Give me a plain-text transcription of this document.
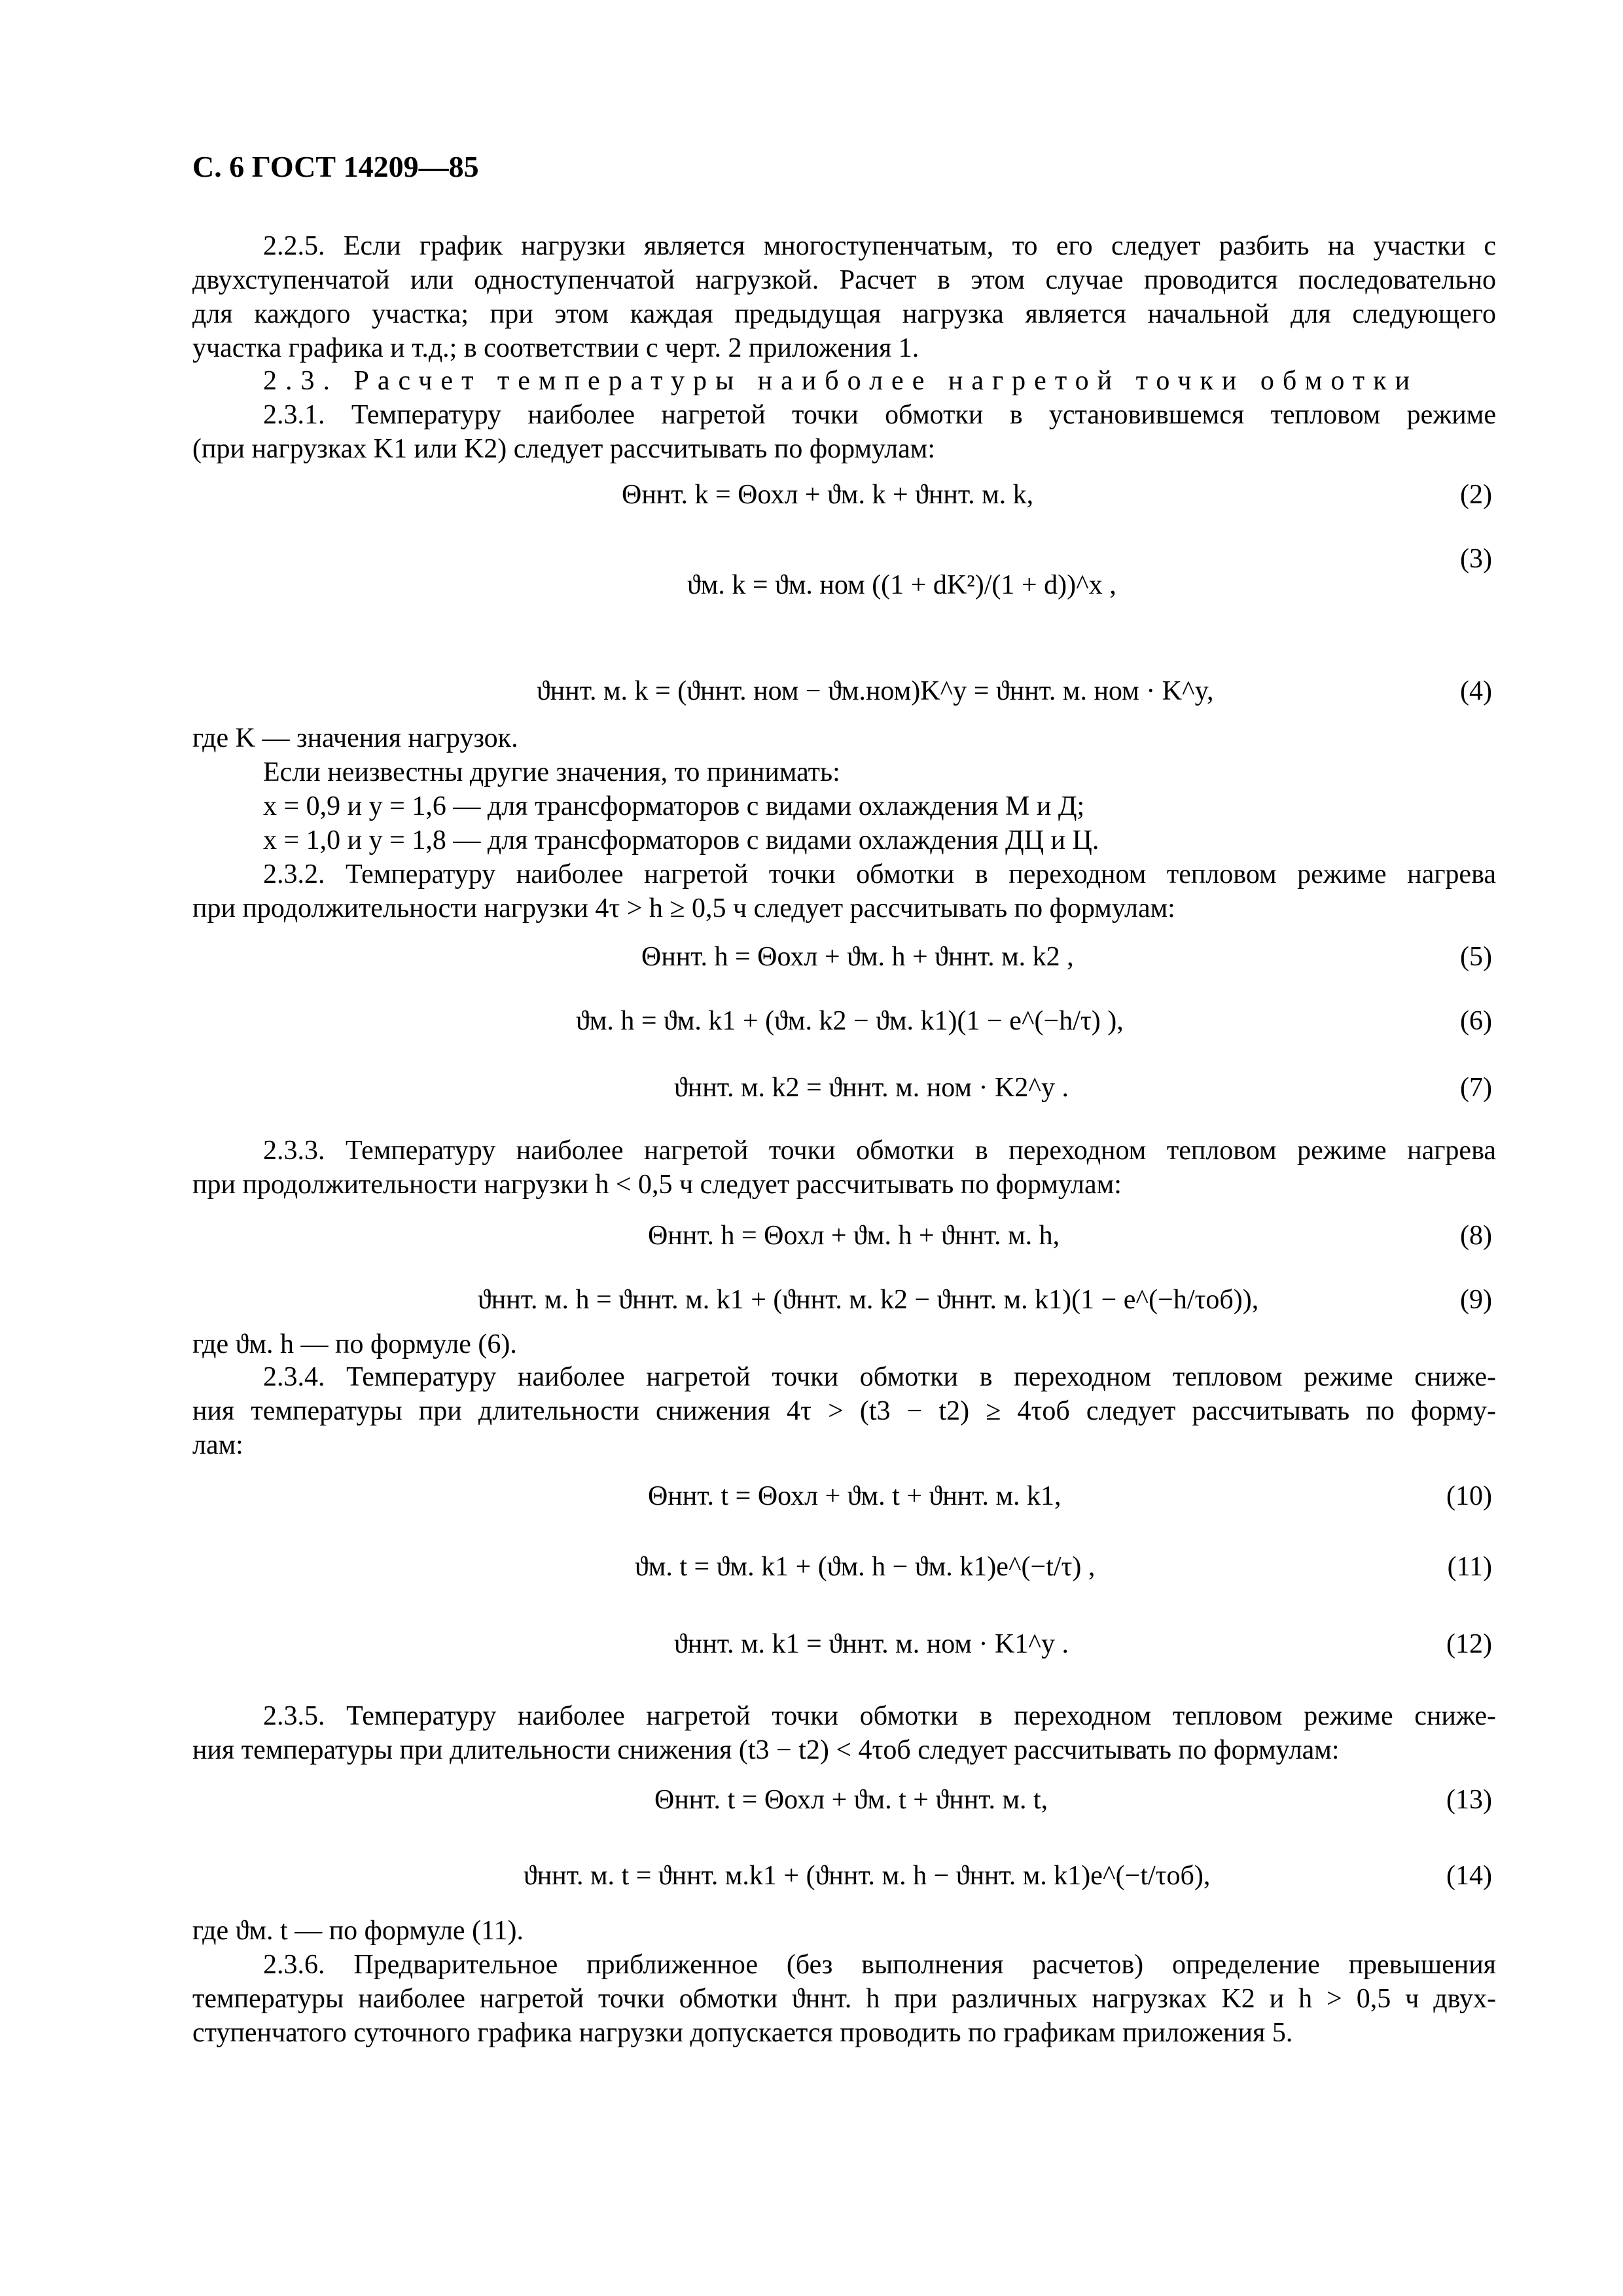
С. 6 ГОСТ 14209—85
2.2.5. Если график нагрузки является многоступенчатым, то его следует разбить на участки с
двухступенчатой или одноступенчатой нагрузкой. Расчет в этом случае проводится последовательно
для каждого участка; при этом каждая предыдущая нагрузка является начальной для следующего
участка графика и т.д.; в соответствии с черт. 2 приложения 1.
2.3. Расчет температуры наиболее нагретой точки обмотки
2.3.1. Температуру наиболее нагретой точки обмотки в установившемся тепловом режиме
(при нагрузках K1 или K2) следует рассчитывать по формулам:
Θннт. k = Θохл + ϑм. k + ϑннт. м. k,	(2)
ϑм. k = ϑм. ном ((1 + dK²)/(1 + d))^x ,
(3)
ϑннт. м. k = (ϑннт. ном − ϑм.ном)K^y = ϑннт. м. ном · K^y,	(4)
где K — значения нагрузок.
Если неизвестны другие значения, то принимать:
x = 0,9 и y = 1,6 — для трансформаторов с видами охлаждения М и Д;
x = 1,0 и y = 1,8 — для трансформаторов с видами охлаждения ДЦ и Ц.
2.3.2. Температуру наиболее нагретой точки обмотки в переходном тепловом режиме нагрева
при продолжительности нагрузки 4τ > h ≥ 0,5 ч следует рассчитывать по формулам:
Θннт. h = Θохл + ϑм. h + ϑннт. м. k2 ,	(5)
ϑм. h = ϑм. k1 + (ϑм. k2 − ϑм. k1)(1 − e^(−h/τ) ),	(6)
ϑннт. м. k2 = ϑннт. м. ном · K2^y .	(7)
2.3.3. Температуру наиболее нагретой точки обмотки в переходном тепловом режиме нагрева
при продолжительности нагрузки h < 0,5 ч следует рассчитывать по формулам:
Θннт. h = Θохл + ϑм. h + ϑннт. м. h,	(8)
ϑннт. м. h = ϑннт. м. k1 + (ϑннт. м. k2 − ϑннт. м. k1)(1 − e^(−h/τоб)),	(9)
где ϑм. h — по формуле (6).
2.3.4. Температуру наиболее нагретой точки обмотки в переходном тепловом режиме сниже-
ния температуры при длительности снижения 4τ > (t3 − t2) ≥ 4τоб следует рассчитывать по форму-
лам:
Θннт. t = Θохл + ϑм. t + ϑннт. м. k1,	(10)
ϑм. t = ϑм. k1 + (ϑм. h − ϑм. k1)e^(−t/τ) ,	(11)
ϑннт. м. k1 = ϑннт. м. ном · K1^y .	(12)
2.3.5. Температуру наиболее нагретой точки обмотки в переходном тепловом режиме сниже-
ния температуры при длительности снижения (t3 − t2) < 4τоб следует рассчитывать по формулам:
Θннт. t = Θохл + ϑм. t + ϑннт. м. t,	(13)
ϑннт. м. t = ϑннт. м.k1 + (ϑннт. м. h − ϑннт. м. k1)e^(−t/τоб),	(14)
где ϑм. t — по формуле (11).
2.3.6. Предварительное приближенное (без выполнения расчетов) определение превышения
температуры наиболее нагретой точки обмотки ϑннт. h при различных нагрузках K2 и h > 0,5 ч двух-
ступенчатого суточного графика нагрузки допускается проводить по графикам приложения 5.
